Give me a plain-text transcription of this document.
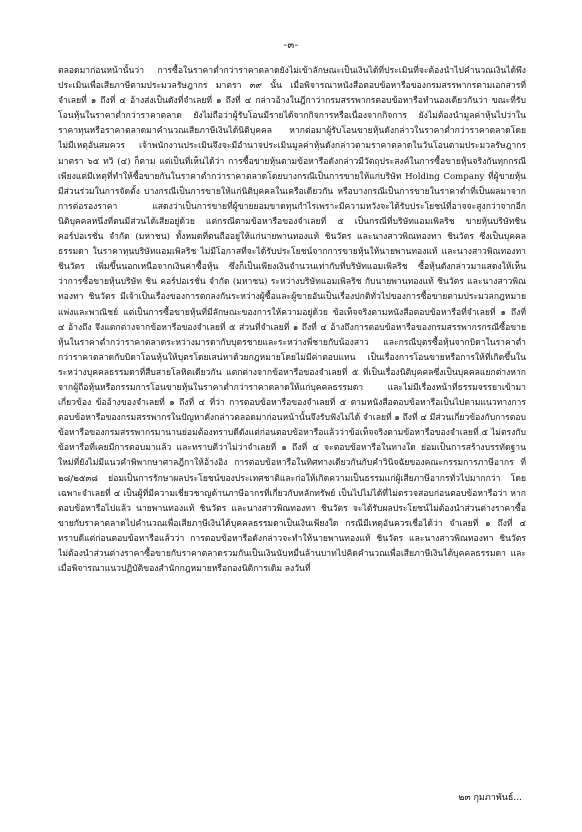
-๓-

ตลอดมาก่อนหน้านั้นว่า การซื้อในราคาต่ำกว่าราคาตลาดยังไม่เข้าลักษณะเป็นเงินได้ที่ประเมินที่จะต้องนำไปคำนวณเงินได้พึงประเมินเพื่อเสียภาษีตามประมวลรัษฎากร มาตรา ๓๙ นั้น เมื่อพิจารณาหนังสือตอบข้อหารือของกรมสรรพากรตามเอกสารที่จำเลยที่ ๑ ถึงที่ ๔ อ้างส่งเป็นดังที่จำเลยที่ ๑ ถึงที่ ๔ กล่าวอ้างในฎีกาว่ากรมสรรพากรตอบข้อหารือทำนองเดียวกันว่า ขณะที่รับโอนหุ้นในราคาต่ำกว่าราคาตลาด ยังไม่ถือว่าผู้รับโอนมีรายได้จากกิจการหรือเนื่องจากกิจการ ยังไม่ต้องนำมูลค่าหุ้นไปว่าในราคาทุนหรือราคาตลาดมาคำนวณเสียภาษีเงินได้นิติบุคคล หากต่อมาผู้รับโอนขายหุ้นดังกล่าวในราคาต่ำกว่าราคาตลาดโดยไม่มีเหตุอันสมควร เจ้าพนักงานประเมินจึงจะมีอำนาจประเมินมูลค่าหุ้นดังกล่าวตามราคาตลาดในวันโอนตามประมวลรัษฎากร มาตรา ๖๕ ทวิ (๔) ก็ตาม แต่เป็นที่เห็นได้ว่า การซื้อขายหุ้นตามข้อหารือดังกล่าวมีวัตถุประสงค์ในการซื้อขายหุ้นจริงกันทุกกรณี เพียงแต่มีเหตุที่ทำให้ซื้อขายกันในราคาต่ำกว่าราคาตลาดโดยบางกรณีเป็นการขายให้แก่บริษัท Holding Company ที่ผู้ขายหุ้นมีส่วนร่วมในการจัดตั้ง บางกรณีเป็นการขายให้แก่นิติบุคคลในเครือเดียวกัน หรือบางกรณีเป็นการขายในราคาต่ำที่เป็นผลมาจากการต่อรองราคา แสดงว่าเป็นการขายที่ผู้ขายยอมขาดทุนกำไรเพราะมีความหวังจะได้รับประโยชน์ที่อาจจะสูงกว่าจากอีกนิติบุคคลหนึ่งที่ตนมีส่วนได้เสียอยู่ด้วย แต่กรณีตามข้อหารือของจำเลยที่ ๕ เป็นกรณีที่บริษัทแอมเพิลริช ขายหุ้นบริษัทชิน คอร์ปอเรชั่น จำกัด (มหาชน) ทั้งหมดที่ตนถืออยู่ให้แก่นายพานทองแท้ ชินวัตร และนางสาวพิณทองทา ชินวัตร ซึ่งเป็นบุคคลธรรมดา ในราคาทุนบริษัทแอมเพิลริช ไม่มีโอกาสที่จะได้รับประโยชน์จากการขายหุ้นให้นายพานทองแท้ และนางสาวพิณทองทา ชินวัตร เพิ่มขึ้นนอกเหนือจากเงินค่าซื้อหุ้น ซึ่งก็เป็นเพียงเงินจำนวนเท่ากับที่บริษัทแอมเพิลริช ซื้อหุ้นดังกล่าวมาแสดงให้เห็นว่าการซื้อขายหุ้นบริษัท ชิน คอร์ปอเรชั่น จำกัด (มหาชน) ระหว่างบริษัทแอมเพิลริช กับนายพานทองแท้ ชินวัตร และนางสาวพิณทองทา ชินวัตร มีเจ้าเป็นเรื่องของการตกลงกันระหว่างผู้ซื้อและผู้ขายอันเป็นเรื่องปกติทั่วไปของการซื้อขายตามประมวลกฎหมายแพ่งและพาณิชย์ แต่เป็นการซื้อขายหุ้นที่มีลักษณะของการให้ความอยู่ด้วย ข้อเท็จจริงตามหนังสือตอบข้อหารือที่จำเลยที่ ๑ ถึงที่ ๔ อ้างถึง จึงแตกต่างจากข้อหารือของจำเลยที่ ๕ ส่วนที่จำเลยที่ ๑ ถึงที่ ๔ อ้างถึงการตอบข้อหารือของกรมสรรพากรกรณีซื้อขายหุ้นในราคาต่ำกว่าราคาตลาดระหว่างมารดากับบุตรชายและระหว่างพี่ชายกับน้องสาว และกรณีบุตรซื้อหุ้นจากบิดาในราคาต่ำกว่าราคาตลาดกับบิดาโอนหุ้นให้บุตรโดยเสน่หาด้วยกฎหมายโดยไม่มีค่าตอบแทน เป็นเรื่องการโอนขายหรือการให้ที่เกิดขึ้นในระหว่างบุคคลธรรมดาที่สืบสายโลหิตเดียวกัน แตกต่างจากข้อหารือของจำเลยที่ ๕ ที่เป็นเรื่องนิติบุคคลซึ่งเป็นบุคคลแยกต่างหากจากผู้ถือหุ้นหรือกรรมการโอนขายหุ้นในราคาต่ำกว่าราคาตลาดให้แก่บุคคลธรรมดา และไม่มีเรื่องหน้าที่ธรรมจรรยาเข้ามาเกี่ยวข้อง ข้ออ้างของจำเลยที่ ๑ ถึงที่ ๔ ที่ว่า การตอบข้อหารือของจำเลยที่ ๕ ตามหนังสือตอบข้อหารือเป็นไปตามแนวทางการตอบข้อหารือของกรมสรรพากรในปัญหาดังกล่าวตลอดมาก่อนหน้านั้นจึงรับฟังไม่ได้ จำเลยที่ ๑ ถึงที่ ๔ มีส่วนเกี่ยวข้องกับการตอบข้อหารือของกรมสรรพากรมานานย่อมต้องทราบดีดังแต่ก่อนตอบข้อหารือแล้วว่าข้อเท็จจริงตามข้อหารือของจำเลยที่ ๕ ไม่ตรงกับข้อหารือที่เคยมีการตอบมาแล้ว และทราบดีว่าไม่ว่าจำเลยที่ ๑ ถึงที่ ๔ จะตอบข้อหารือในทางใด ย่อมเป็นการสร้างบรรทัดฐานใหม่ที่ยังไม่มีแนวคำพิพากษาศาลฎีกาให้อ้างอิง การตอบข้อหารือในทิศทางเดียวกันกับคำวินิจฉัยของคณะกรรมการภาษีอากร ที่ ๒๘/๒๕๓๘ ย่อมเป็นการรักษาผลประโยชน์ของประเทศชาติและก่อให้เกิดความเป็นธรรมแก่ผู้เสียภาษีอากรทั่วไปมากกว่า โดยเฉพาะจำเลยที่ ๔ เป็นผู้ที่มีความเชี่ยวชาญด้านภาษีอากรที่เกี่ยวกับหลักทรัพย์ เป็นไปไม่ได้ที่ไม่ตรวจสอบก่อนตอบข้อหารือว่า หากตอบข้อหารือไปแล้ว นายพานทองแท้ ชินวัตร และนางสาวพิณทองทา ชินวัตร จะได้รับผลประโยชน์ไม่ต้องนำส่วนต่างราคาซื้อขายกับราคาตลาดไปคำนวณเพื่อเสียภาษีเงินได้บุคคลธรรมดาเป็นเงินเพียงใด กรณีมีเหตุอันควรเชื่อได้ว่า จำเลยที่ ๑ ถึงที่ ๔ ทราบดีแต่ก่อนตอบข้อหารือแล้วว่า การตอบข้อหารือดังกล่าวจะทำให้นายพานทองแท้ ชินวัตร และนางสาวพิณทองทา ชินวัตร ไม่ต้องนำส่วนต่างราคาซื้อขายกับราคาตลาดรวมกันเป็นเงินนับหมื่นล้านบาทไปคิดคำนวณเพื่อเสียภาษีเงินได้บุคคลธรรมดา และเมื่อพิจารณาแนวปฏิบัติของสำนักกฎหมายหรือกองนิติการเดิม ลงวันที่

๒๓ กุมภาพันธ์...
